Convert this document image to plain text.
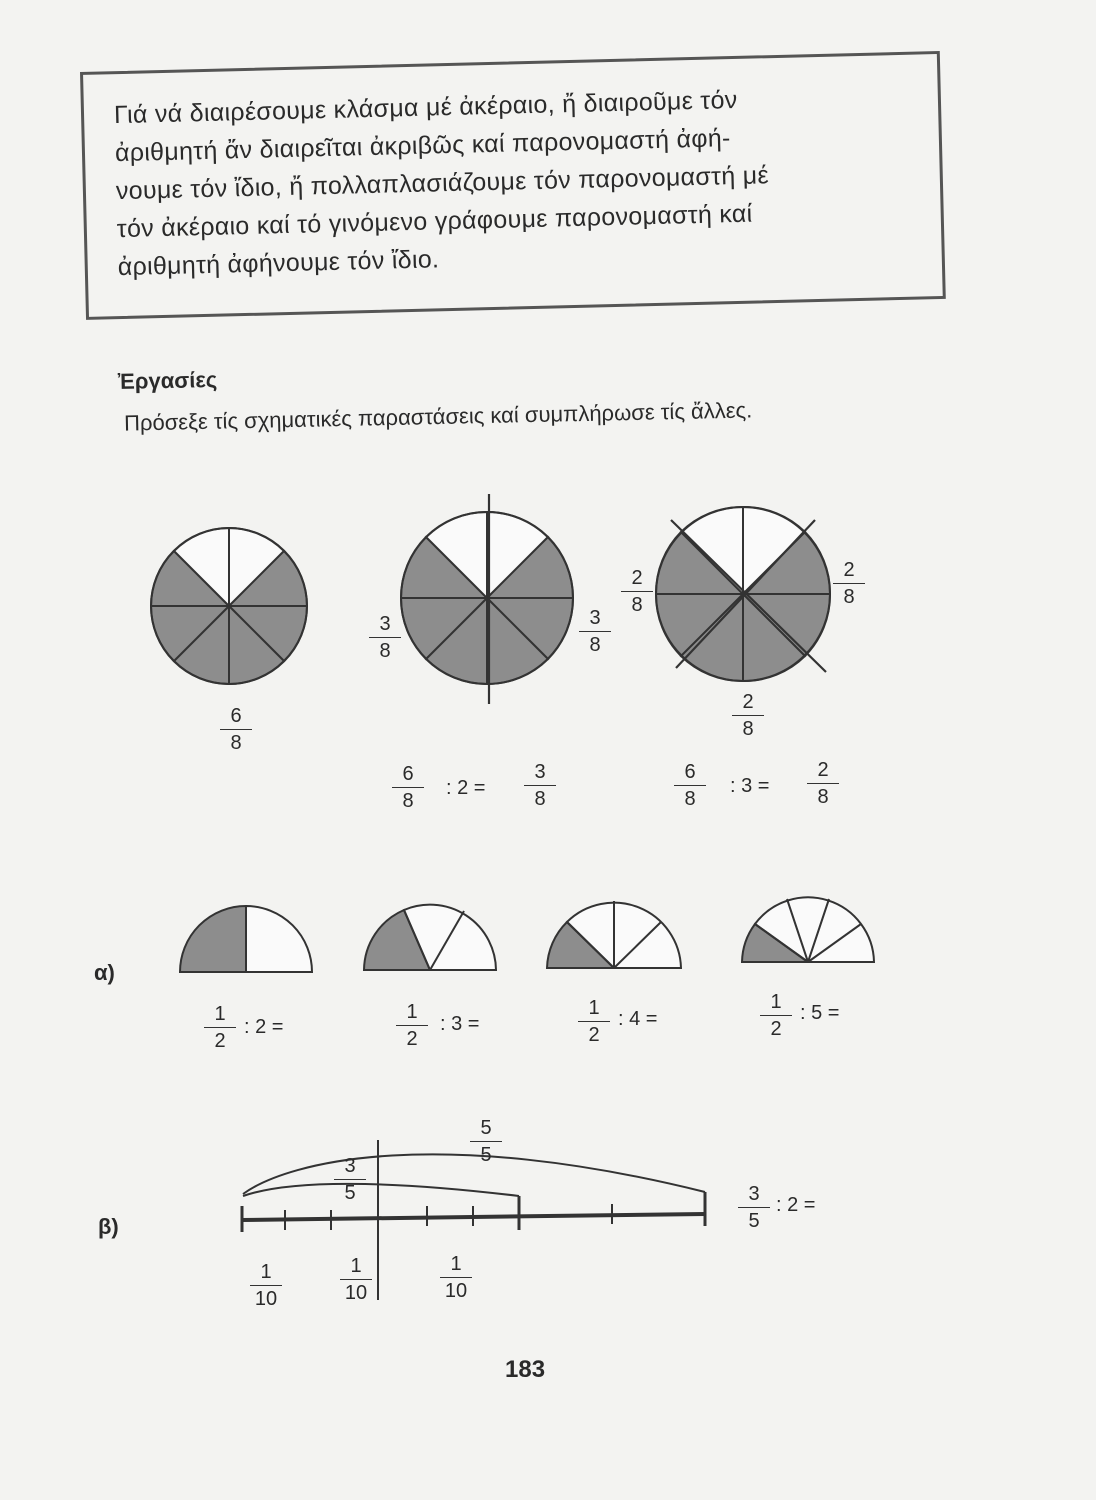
Γιά νά διαιρέσουμε κλάσμα μέ ἀκέραιο, ἤ διαιροῦμε τόν
ἀριθμητή ἄν διαιρεῖται ἀκριβῶς καί παρονομαστή ἀφή-
νουμε τόν ἴδιο, ἤ πολλαπλασιάζουμε τόν παρονομαστή μέ
τόν ἀκέραιο καί τό γινόμενο γράφουμε παρονομαστή καί
ἀριθμητή ἀφήνουμε τόν ἴδιο.
Ἐργασίες
Πρόσεξε τίς σχηματικές παραστάσεις καί συμπλήρωσε τίς ἄλλες.
6
8
3
8
3
8
2
8
2
8
2
8
6
8
: 2 =
3
8
6
8
: 3 =
2
8
α)
1
2
: 2 =
1
2
: 3 =
1
2
: 4 =
1
2
: 5 =
β)
5
5
3
5	3
5
: 2 =
1
10
1
10
1
10
183
